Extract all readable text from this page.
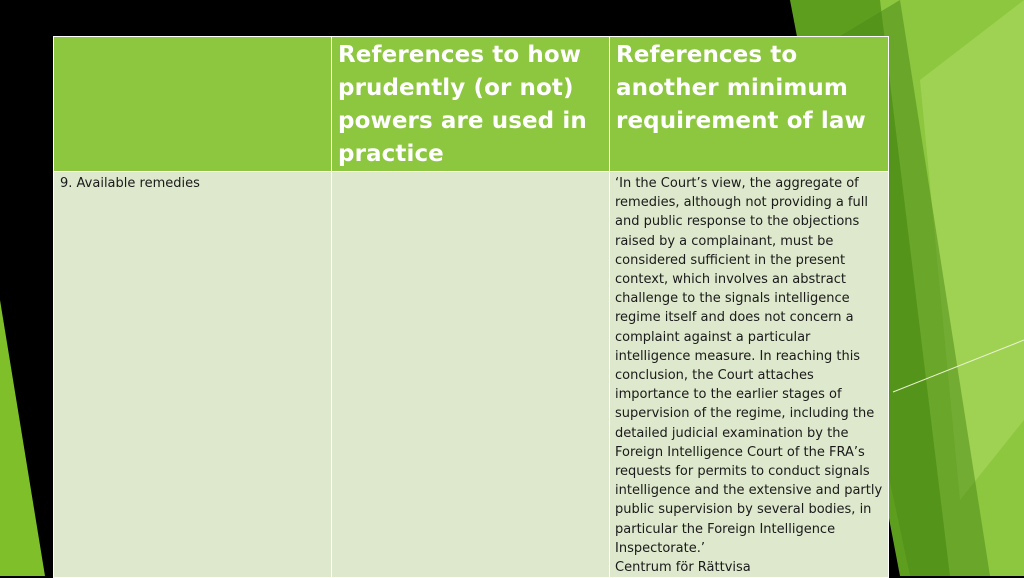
	References to how prudently (or not) powers are used in practice	References to another minimum requirement of law

9. Available remedies		‘In the Court’s view, the aggregate of remedies, although not providing a full and public response to the objections raised by a complainant, must be considered sufficient in the present context, which involves an abstract challenge to the signals intelligence regime itself and does not concern a complaint against a particular intelligence measure. In reaching this conclusion, the Court attaches importance to the earlier stages of supervision of the regime, including the detailed judicial examination by the Foreign Intelligence Court of the FRA’s requests for permits to conduct signals intelligence and the extensive and partly public supervision by several bodies, in particular the Foreign Intelligence Inspectorate.’
Centrum för Rättvisa
